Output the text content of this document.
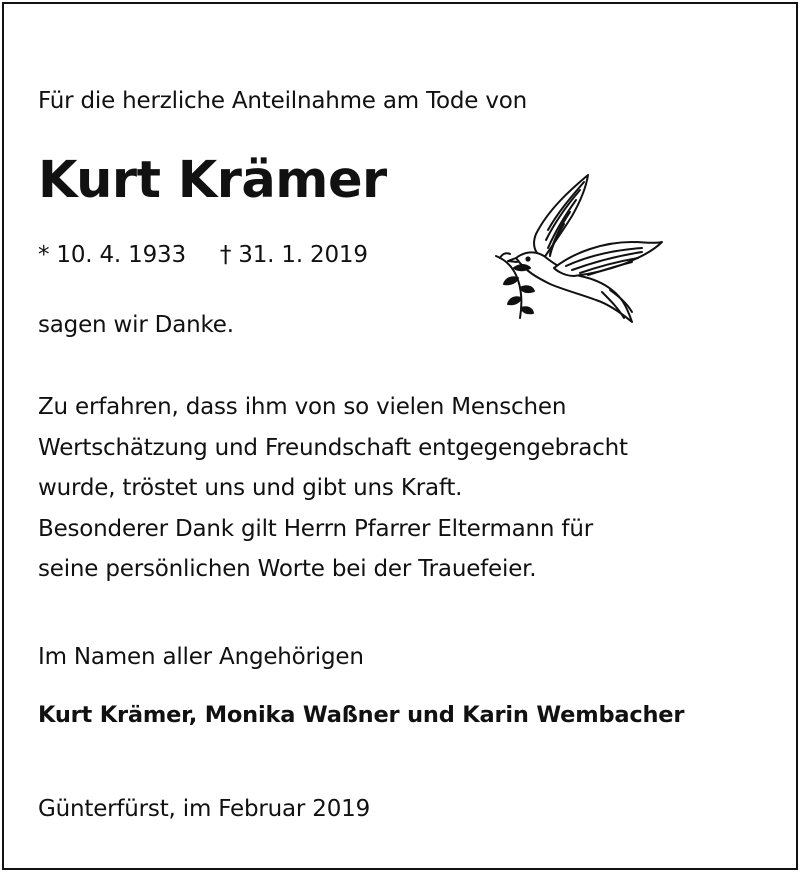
Für die herzliche Anteilnahme am Tode von
Kurt Krämer
* 10. 4. 1933 † 31. 1. 2019
sagen wir Danke.
Zu erfahren, dass ihm von so vielen Menschen
Wertschätzung und Freundschaft entgegengebracht
wurde, tröstet uns und gibt uns Kraft.
Besonderer Dank gilt Herrn Pfarrer Eltermann für
seine persönlichen Worte bei der Trauefeier.
Im Namen aller Angehörigen
Kurt Krämer, Monika Waßner und Karin Wembacher
Günterfürst, im Februar 2019
